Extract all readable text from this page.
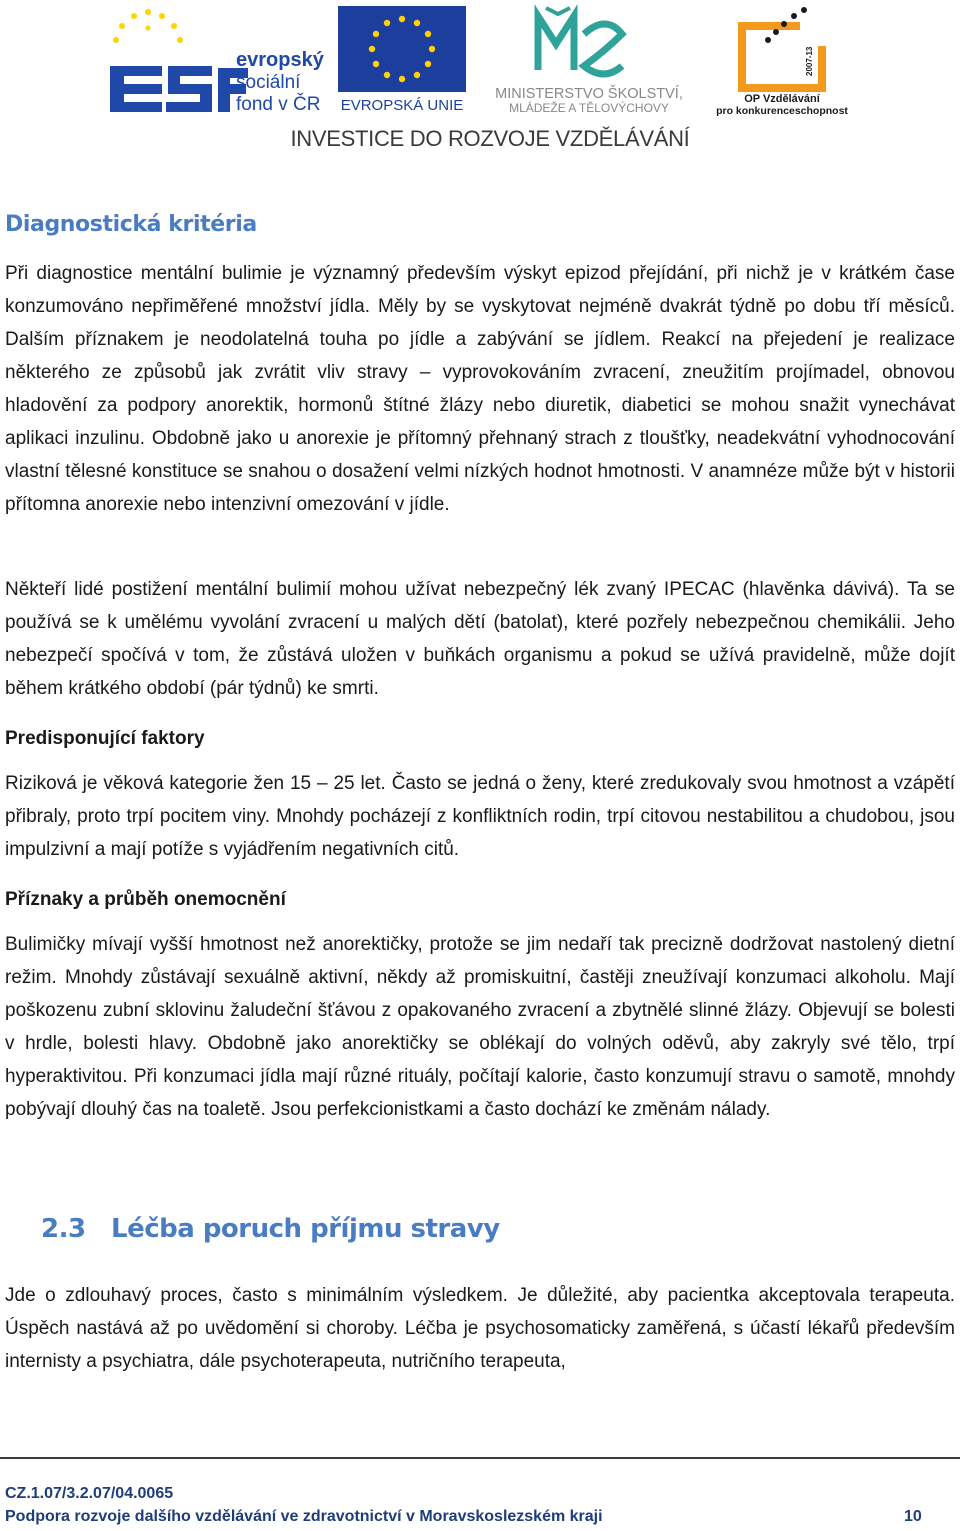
evropský
sociální
fond v ČR EVROPSKÁ UNIE
MINISTERSTVO ŠKOLSTVÍ,
MLÁDEŽE A TĚLOVÝCHOVY
2007-13
OP Vzdělávání
pro konkurenceschopnost
INVESTICE DO ROZVOJE VZDĚLÁVÁNÍ
Diagnostická kritéria

Při diagnostice mentální bulimie je významný především výskyt epizod přejídání, při nichž je v krátkém čase konzumováno nepřiměřené množství jídla. Měly by se vyskytovat nejméně dvakrát týdně po dobu tří měsíců. Dalším příznakem je neodolatelná touha po jídle a zabývání se jídlem. Reakcí na přejedení je realizace některého ze způsobů jak zvrátit vliv stravy – vyprovokováním zvracení, zneužitím projímadel, obnovou hladovění za podpory anorektik, hormonů štítné žlázy nebo diuretik, diabetici se mohou snažit vynechávat aplikaci inzulinu. Obdobně jako u anorexie je přítomný přehnaný strach z tloušťky, neadekvátní vyhodnocování vlastní tělesné konstituce se snahou o dosažení velmi nízkých hodnot hmotnosti. V anamnéze může být v historii přítomna anorexie nebo intenzivní omezování v jídle.

Někteří lidé postižení mentální bulimií mohou užívat nebezpečný lék zvaný IPECAC (hlavěnka dávivá). Ta se používá se k umělému vyvolání zvracení u malých dětí (batolat), které pozřely nebezpečnou chemikálii. Jeho nebezpečí spočívá v tom, že zůstává uložen v buňkách organismu a pokud se užívá pravidelně, může dojít během krátkého období (pár týdnů) ke smrti.

Predisponující faktory

Riziková je věková kategorie žen 15 – 25 let. Často se jedná o ženy, které zredukovaly svou hmotnost a vzápětí přibraly, proto trpí pocitem viny. Mnohdy pocházejí z konfliktních rodin, trpí citovou nestabilitou a chudobou, jsou impulzivní a mají potíže s vyjádřením negativních citů.

Příznaky a průběh onemocnění

Bulimičky mívají vyšší hmotnost než anorektičky, protože se jim nedaří tak precizně dodržovat nastolený dietní režim. Mnohdy zůstávají sexuálně aktivní, někdy až promiskuitní, častěji zneužívají konzumaci alkoholu. Mají poškozenu zubní sklovinu žaludeční šťávou z opakovaného zvracení a zbytnělé slinné žlázy. Objevují se bolesti v hrdle, bolesti hlavy. Obdobně jako anorektičky se oblékají do volných oděvů, aby zakryly své tělo, trpí hyperaktivitou. Při konzumaci jídla mají různé rituály, počítají kalorie, často konzumují stravu o samotě, mnohdy pobývají dlouhý čas na toaletě. Jsou perfekcionistkami a často dochází ke změnám nálady.

2.3 Léčba poruch příjmu stravy

Jde o zdlouhavý proces, často s minimálním výsledkem. Je důležité, aby pacientka akceptovala terapeuta. Úspěch nastává až po uvědomění si choroby. Léčba je psychosomaticky zaměřená, s účastí lékařů především internisty a psychiatra, dále psychoterapeuta, nutričního terapeuta,

CZ.1.07/3.2.07/04.0065
Podpora rozvoje dalšího vzdělávání ve zdravotnictví v Moravskoslezském kraji	10
